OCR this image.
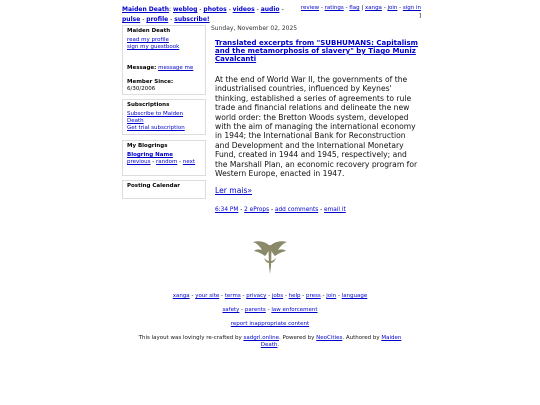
Maiden Death: weblog - photos - videos - audio -
pulse - profile - subscribe!
review - ratings - flag | xanga - join - sign in ]
Maiden Death
read my profile
sign my guestbook

Message: message me

Member Since: 6/30/2006
Subscriptions
Subscribe to Maiden Death
Get trial subscription
My Blogrings
Blogring Name
previous - random - next
Posting Calendar
Sunday, November 02, 2025
Translated excerpts from "SUBHUMANS: Capitalism and the metamorphosis of slavery" by Tiago Muniz Cavalcanti
At the end of World War II, the governments of the industrialised countries, influenced by Keynes' thinking, established a series of agreements to rule trade and financial relations and delineate the new world order: the Bretton Woods system, developed with the aim of managing the international economy in 1944; the International Bank for Reconstruction and Development and the International Monetary Fund, created in 1944 and 1945, respectively; and the Marshall Plan, an economic recovery program for Western Europe, enacted in 1947.
Ler mais»
6:34 PM - 2 eProps - add comments - email it
xanga - your site - terms - privacy - jobs - help - press - join - language
safety - parents - law enforcement
report inappropriate content
This layout was lovingly re-crafted by sadgrl.online. Powered by NeoCities. Authored by Maiden Death.
